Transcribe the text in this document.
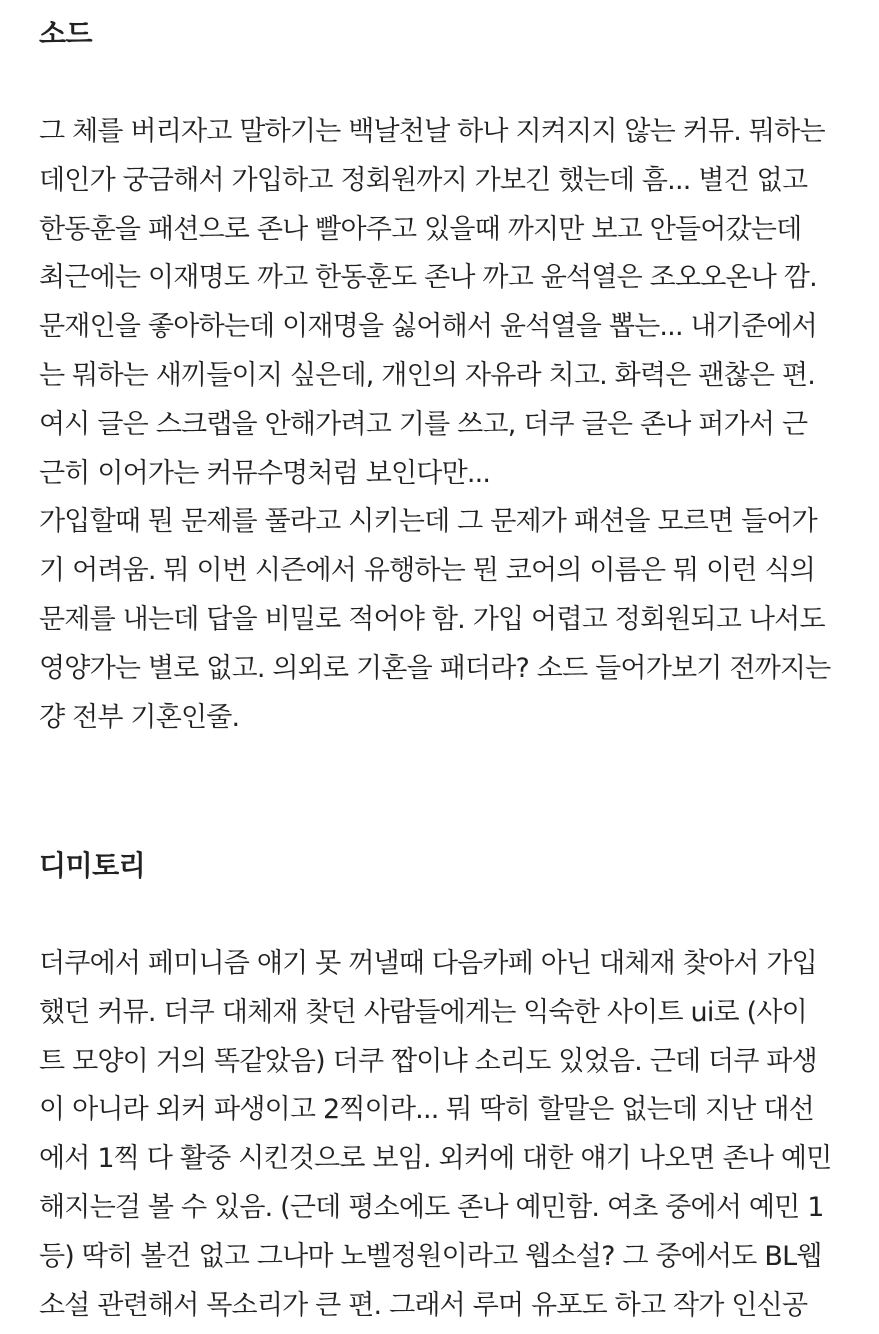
소드

그 체를 버리자고 말하기는 백날천날 하나 지켜지지 않는 커뮤. 뭐하는

데인가 궁금해서 가입하고 정회원까지 가보긴 했는데 흠... 별건 없고

한동훈을 패션으로 존나 빨아주고 있을때 까지만 보고 안들어갔는데

최근에는 이재명도 까고 한동훈도 존나 까고 윤석열은 조오오온나 깜.

문재인을 좋아하는데 이재명을 싫어해서 윤석열을 뽑는... 내기준에서

는 뭐하는 새끼들이지 싶은데, 개인의 자유라 치고. 화력은 괜찮은 편.

여시 글은 스크랩을 안해가려고 기를 쓰고, 더쿠 글은 존나 퍼가서 근

근히 이어가는 커뮤수명처럼 보인다만...

가입할때 뭔 문제를 풀라고 시키는데 그 문제가 패션을 모르면 들어가

기 어려움. 뭐 이번 시즌에서 유행하는 뭔 코어의 이름은 뭐 이런 식의

문제를 내는데 답을 비밀로 적어야 함. 가입 어렵고 정회원되고 나서도

영양가는 별로 없고. 의외로 기혼을 패더라? 소드 들어가보기 전까지는

걍 전부 기혼인줄.

디미토리

더쿠에서 페미니즘 얘기 못 꺼낼때 다음카페 아닌 대체재 찾아서 가입

했던 커뮤. 더쿠 대체재 찾던 사람들에게는 익숙한 사이트 ui로 (사이

트 모양이 거의 똑같았음) 더쿠 짭이냐 소리도 있었음. 근데 더쿠 파생

이 아니라 외커 파생이고 2찍이라... 뭐 딱히 할말은 없는데 지난 대선

에서 1찍 다 활중 시킨것으로 보임. 외커에 대한 얘기 나오면 존나 예민

해지는걸 볼 수 있음. (근데 평소에도 존나 예민함. 여초 중에서 예민 1

등) 딱히 볼건 없고 그나마 노벨정원이라고 웹소설? 그 중에서도 BL웹

소설 관련해서 목소리가 큰 편. 그래서 루머 유포도 하고 작가 인신공
